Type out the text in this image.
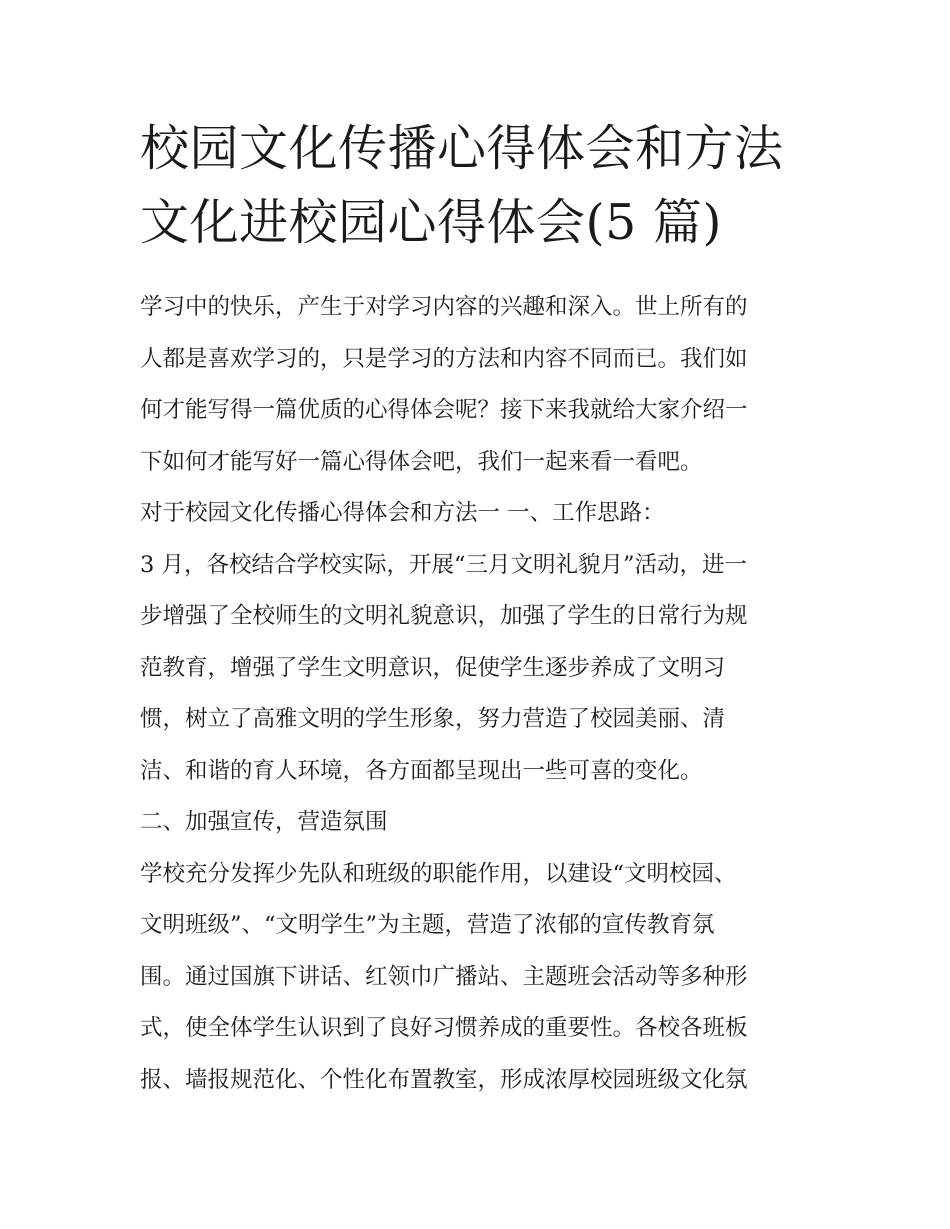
校园文化传播心得体会和方法
文化进校园心得体会(5 篇)
学习中的快乐，产生于对学习内容的兴趣和深入。世上所有的
人都是喜欢学习的，只是学习的方法和内容不同而已。我们如
何才能写得一篇优质的心得体会呢？接下来我就给大家介绍一
下如何才能写好一篇心得体会吧，我们一起来看一看吧。
对于校园文化传播心得体会和方法一 一、工作思路：
3 月，各校结合学校实际，开展“三月文明礼貌月”活动，进一
步增强了全校师生的文明礼貌意识，加强了学生的日常行为规
范教育，增强了学生文明意识，促使学生逐步养成了文明习
惯，树立了高雅文明的学生形象，努力营造了校园美丽、清
洁、和谐的育人环境，各方面都呈现出一些可喜的变化。
二、加强宣传，营造氛围
学校充分发挥少先队和班级的职能作用，以建设“文明校园、
文明班级”、“文明学生”为主题，营造了浓郁的宣传教育氛
围。通过国旗下讲话、红领巾广播站、主题班会活动等多种形
式，使全体学生认识到了良好习惯养成的重要性。各校各班板
报、墙报规范化、个性化布置教室，形成浓厚校园班级文化氛
